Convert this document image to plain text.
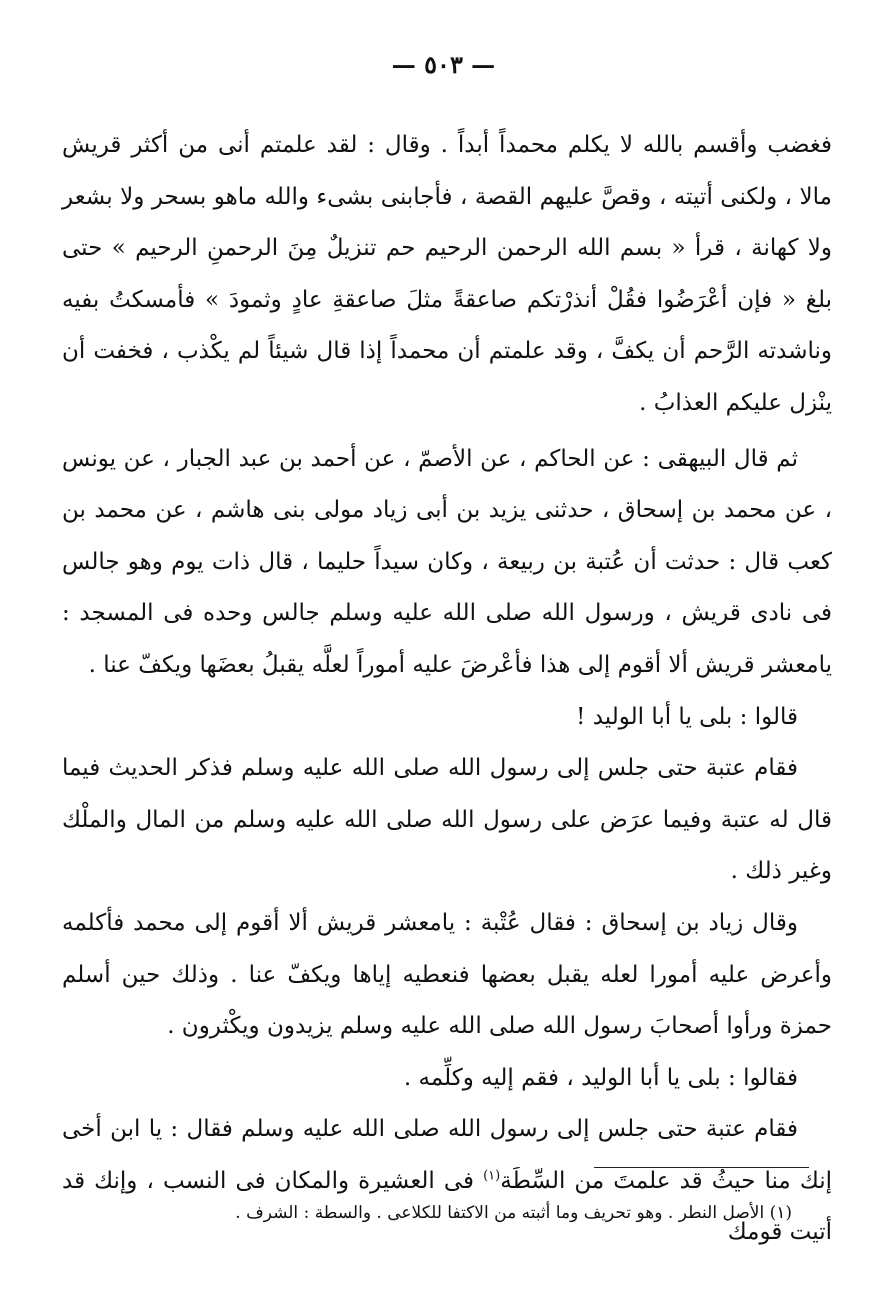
— ٥٠٣ —

فغضب وأقسم بالله لا يكلم محمداً أبداً . وقال : لقد علمتم أنى من أكثر قريش مالا ، ولكنى أتيته ، وقصَّ عليهم القصة ، فأجابنى بشىء والله ماهو بسحر ولا بشعر ولا كهانة ، قرأ « بسم الله الرحمن الرحيم حم تنزيلٌ مِنَ الرحمنِ الرحيم » حتى بلغ « فإن أعْرَضُوا فقُلْ أنذرْتكم صاعقةً مثلَ صاعقةِ عادٍ وثمودَ » فأمسكتُ بفيه وناشدته الرَّحم أن يكفَّ ، وقد علمتم أن محمداً إذا قال شيئاً لم يكْذب ، فخفت أن ينْزل عليكم العذابُ .

ثم قال البيهقى : عن الحاكم ، عن الأصمّ ، عن أحمد بن عبد الجبار ، عن يونس ، عن محمد بن إسحاق ، حدثنى يزيد بن أبى زياد مولى بنى هاشم ، عن محمد بن كعب قال : حدثت أن عُتبة بن ربيعة ، وكان سيداً حليما ، قال ذات يوم وهو جالس فى نادى قريش ، ورسول الله صلى الله عليه وسلم جالس وحده فى المسجد : يامعشر قريش ألا أقوم إلى هذا فأعْرضَ عليه أموراً لعلَّه يقبلُ بعضَها ويكفّ عنا .

قالوا : بلى يا أبا الوليد !

فقام عتبة حتى جلس إلى رسول الله صلى الله عليه وسلم فذكر الحديث فيما قال له عتبة وفيما عرَض على رسول الله صلى الله عليه وسلم من المال والملْك وغير ذلك .

وقال زياد بن إسحاق : فقال عُتْبة : يامعشر قريش ألا أقوم إلى محمد فأكلمه وأعرض عليه أمورا لعله يقبل بعضها فنعطيه إياها ويكفّ عنا . وذلك حين أسلم حمزة ورأوا أصحابَ رسول الله صلى الله عليه وسلم يزيدون ويكْثرون .

فقالوا : بلى يا أبا الوليد ، فقم إليه وكلِّمه .

فقام عتبة حتى جلس إلى رسول الله صلى الله عليه وسلم فقال : يا ابن أخى إنك منا حيثُ قد علمتَ من السِّطَة$^{(١)}$ فى العشيرة والمكان فى النسب ، وإنك قد أتيت قومك

(١) الأصل النطر . وهو تحريف وما أثبته من الاكتفا للكلاعى . والسطة : الشرف .
